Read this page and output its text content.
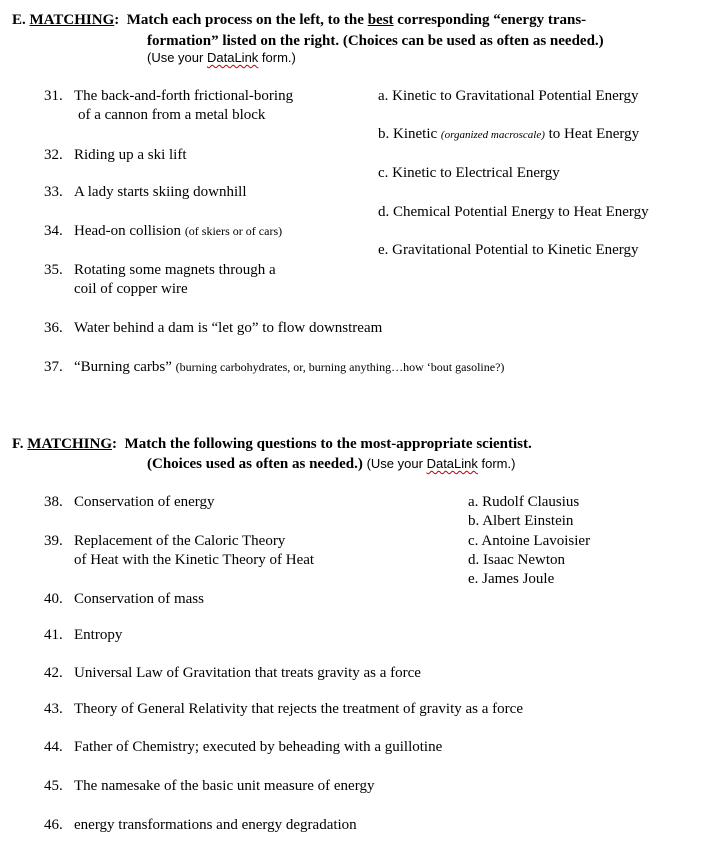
E. MATCHING: Match each process on the left, to the best corresponding “energy trans-
formation” listed on the right. (Choices can be used as often as needed.)
(Use your DataLink form.)
31. The back-and-forth frictional-boring
of a cannon from a metal block
32. Riding up a ski lift
33. A lady starts skiing downhill
34. Head-on collision (of skiers or of cars)
35. Rotating some magnets through a
coil of copper wire
36. Water behind a dam is “let go” to flow downstream
37. “Burning carbs” (burning carbohydrates, or, burning anything…how ‘bout gasoline?)
a. Kinetic to Gravitational Potential Energy
b. Kinetic (organized macroscale) to Heat Energy
c. Kinetic to Electrical Energy
d. Chemical Potential Energy to Heat Energy
e. Gravitational Potential to Kinetic Energy
F. MATCHING: Match the following questions to the most-appropriate scientist.
(Choices used as often as needed.) (Use your DataLink form.)
38. Conservation of energy
39. Replacement of the Caloric Theory
of Heat with the Kinetic Theory of Heat
40. Conservation of mass
41. Entropy
42. Universal Law of Gravitation that treats gravity as a force
43. Theory of General Relativity that rejects the treatment of gravity as a force
44. Father of Chemistry; executed by beheading with a guillotine
45. The namesake of the basic unit measure of energy
46. energy transformations and energy degradation
a. Rudolf Clausius
b. Albert Einstein
c. Antoine Lavoisier
d. Isaac Newton
e. James Joule
